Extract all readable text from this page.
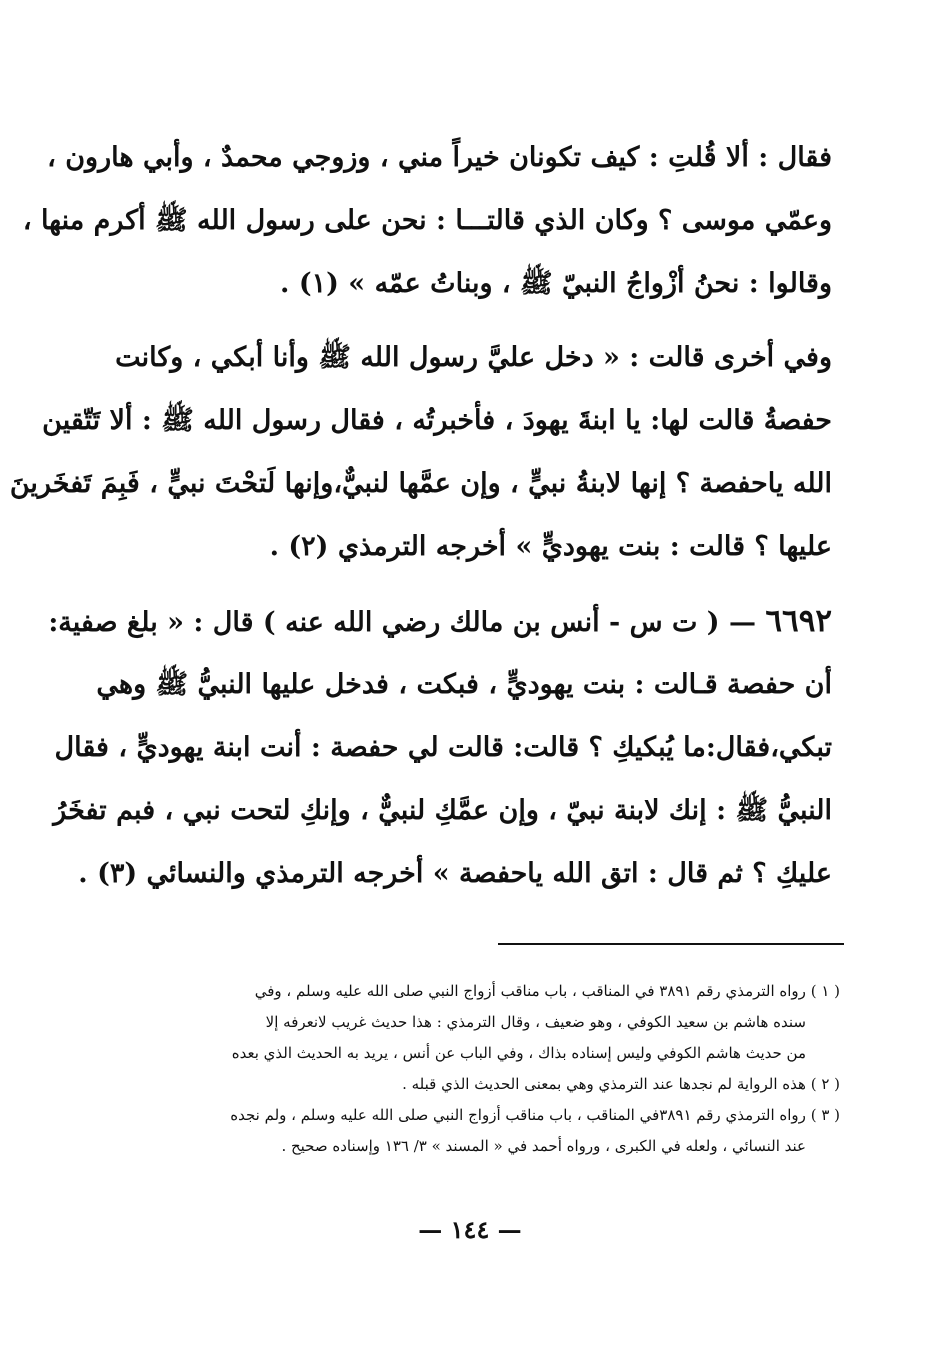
فقال : ألا قُلتِ : كيف تكونان خيراً مني ، وزوجي محمدٌ ، وأبي هارون ،
وعمّي موسى ؟ وكان الذي قالتـــا : نحن على رسول الله ﷺ أكرم منها ،
وقالوا : نحنُ أزْواجُ النبيّ ﷺ ، وبناتُ عمّه » (١) .
وفي أخرى قالت : « دخل عليَّ رسول الله ﷺ وأنا أبكي ، وكانت
حفصةُ قالت لها: يا ابنةَ يهودَ ، فأخبرتُه ، فقال رسول الله ﷺ : ألا تَتّقين
الله ياحفصة ؟ إنها لابنةُ نبيٍّ ، وإن عمَّها لنبيٌّ،وإنها لَتحْتَ نبيٍّ ، فَبِمَ تَفخَرينَ
عليها ؟ قالت : بنت يهوديٍّ » أخرجه الترمذي (٢) .
٦٦٩٢ — ( ت س - أنس بن مالك رضي الله عنه ) قال : « بلغ صفية:
أن حفصة قـالت : بنت يهوديٍّ ، فبكت ، فدخل عليها النبيُّ ﷺ وهي
تبكي،فقال:ما يُبكيكِ ؟ قالت: قالت لي حفصة : أنت ابنة يهوديٍّ ، فقال
النبيُّ ﷺ : إنك لابنة نبيّ ، وإن عمَّكِ لنبيٌّ ، وإنكِ لتحت نبي ، فبم تفخَرُ
عليكِ ؟ ثم قال : اتق الله ياحفصة » أخرجه الترمذي والنسائي (٣) .
( ١ ) رواه الترمذي رقم ٣٨٩١ في المناقب ، باب مناقب أزواج النبي صلى الله عليه وسلم ، وفي
سنده هاشم بن سعيد الكوفي ، وهو ضعيف ، وقال الترمذي : هذا حديث غريب لانعرفه إلا
من حديث هاشم الكوفي وليس إسناده بذاك ، وفي الباب عن أنس ، يريد به الحديث الذي بعده
( ٢ ) هذه الرواية لم نجدها عند الترمذي وهي بمعنى الحديث الذي قبله .
( ٣ ) رواه الترمذي رقم ٣٨٩١في المناقب ، باب مناقب أزواج النبي صلى الله عليه وسلم ، ولم نجده
عند النسائي ، ولعله في الكبرى ، ورواه أحمد في « المسند » ٣/ ١٣٦ وإسناده صحيح .
— ١٤٤ —
